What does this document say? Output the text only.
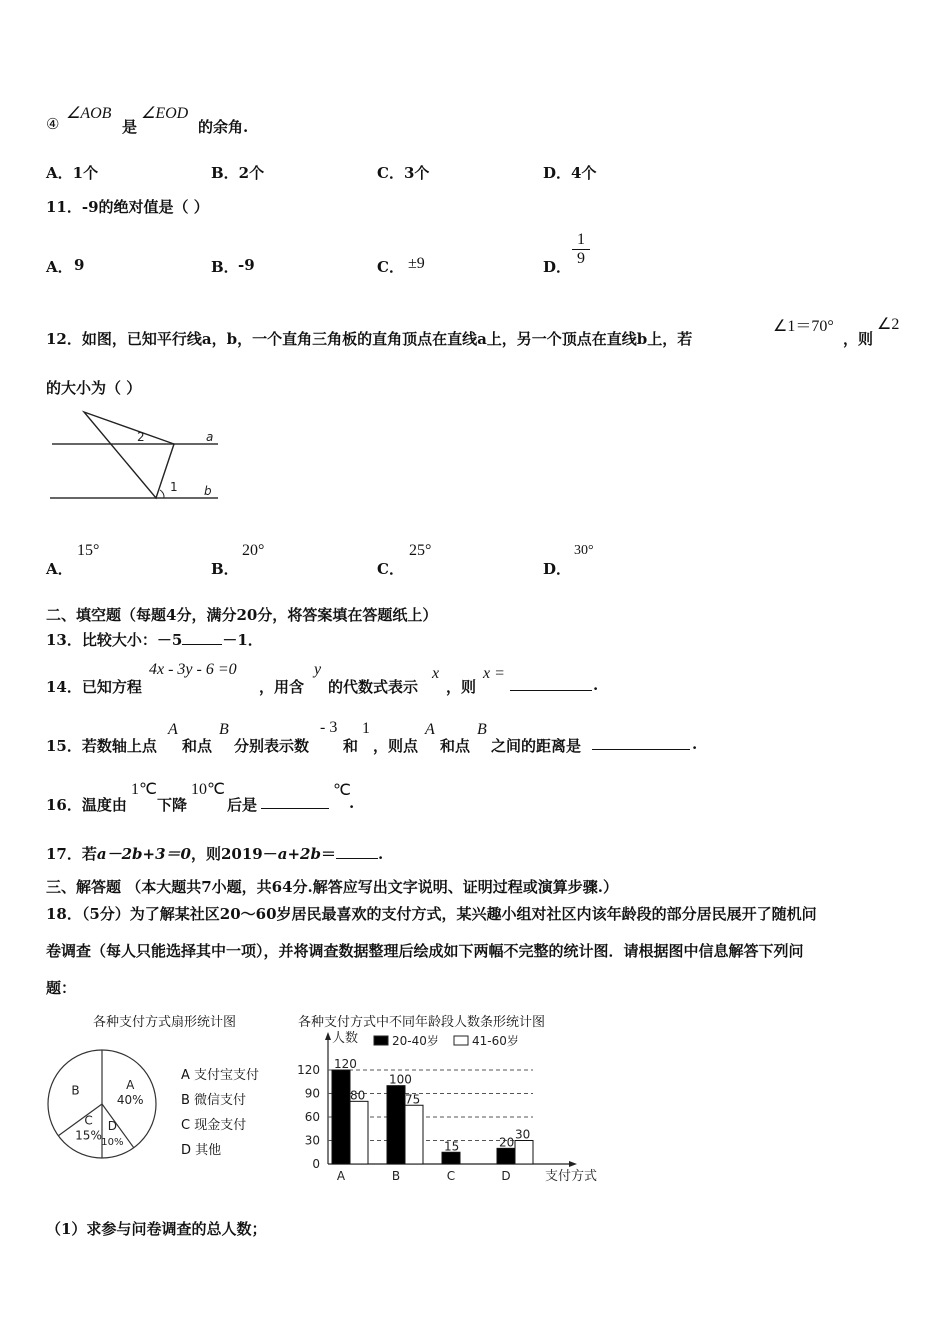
④
∠AOB
是
∠EOD
的余角.
A．1个	B．2个	C．3个	D．4个
11．-9的绝对值是（ ）
A． 9	B． -9	C． ±9	D． $\frac{1}{9}$
12．如图，已知平行线a，b，一个直角三角板的直角顶点在直线a上，另一个顶点在直线b上，若
∠1＝70°
，则
∠2
的大小为（ ）
a
b
1
2
A．
15°
B．
20°
C．
25°
D．
30°
二、填空题（每题4分，满分20分，将答案填在答题纸上）
13．比较大小：－5	－1．
14．已知方程
4x - 3y - 6 =0
，用含
y
的代数式表示
x
，则
x =
.
15．若数轴上点
A
和点
B
分别表示数
- 3
和
1
，则点
A
和点
B
之间的距离是	.
16．温度由
1℃
下降
10℃
后是
℃
.
17．若a－2b+3＝0，则2019－a+2b＝	.
三、解答题 （本大题共7小题，共64分.解答应写出文字说明、证明过程或演算步骤.）
18．（5分）为了解某社区20～60岁居民最喜欢的支付方式，某兴趣小组对社区内该年龄段的部分居民展开了随机问
卷调查（每人只能选择其中一项），并将调查数据整理后绘成如下两幅不完整的统计图．请根据图中信息解答下列问
题：
各种支付方式扇形统计图
A
40%
D
10%
C
15%
B
A 支付宝支付
B 微信支付
C 现金支付
D 其他
各种支付方式中不同年龄段人数条形统计图
人数
支付方式
0
30
60
90
120
20-40岁	41-60岁
120
80
A
100
75
B
15
C
20
30
D
（1）求参与问卷调查的总人数；
